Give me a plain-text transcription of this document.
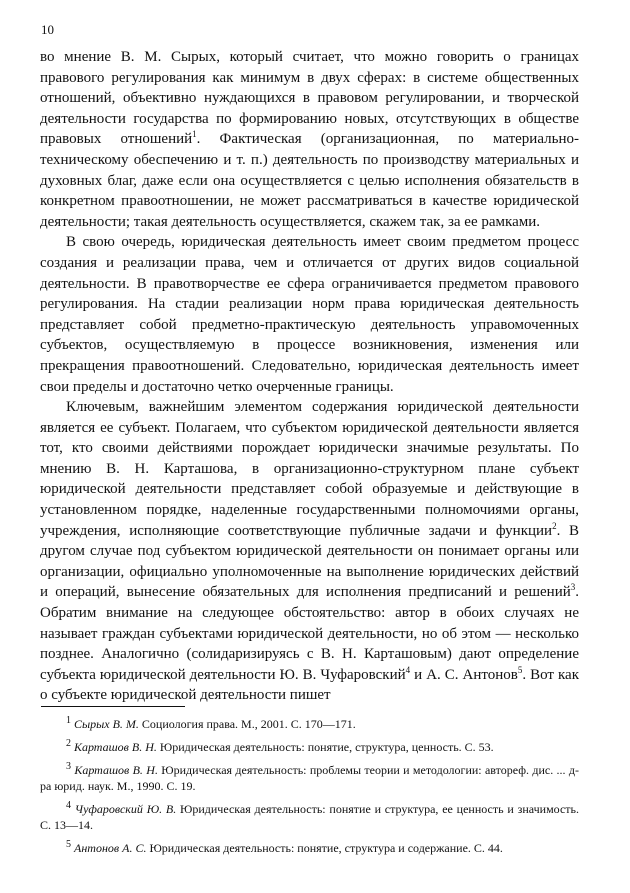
10

во мнение В. М. Сырых, который считает, что можно говорить о границах правового регулирования как минимум в двух сферах: в системе общественных отношений, объективно нуждающихся в правовом регулировании, и творческой деятельности государства по формированию новых, отсутствующих в обществе правовых отношений$^1$. Фактическая (организационная, по материально-техническому обеспечению и т. п.) деятельность по производству материальных и духовных благ, даже если она осуществляется с целью исполнения обязательств в конкретном правоотношении, не может рассматриваться в качестве юридической деятельности; такая деятельность осуществляется, скажем так, за ее рамками.

В свою очередь, юридическая деятельность имеет своим предметом процесс создания и реализации права, чем и отличается от других видов социальной деятельности. В правотворчестве ее сфера ограничивается предметом правового регулирования. На стадии реализации норм права юридическая деятельность представляет собой предметно-практическую деятельность управомоченных субъектов, осуществляемую в процессе возникновения, изменения или прекращения правоотношений. Следовательно, юридическая деятельность имеет свои пределы и достаточно четко очерченные границы.

Ключевым, важнейшим элементом содержания юридической деятельности является ее субъект. Полагаем, что субъектом юридической деятельности является тот, кто своими действиями порождает юридически значимые результаты. По мнению В. Н. Карташова, в организационно-структурном плане субъект юридической деятельности представляет собой образуемые и действующие в установленном порядке, наделенные государственными полномочиями органы, учреждения, исполняющие соответствующие публичные задачи и функции$^2$. В другом случае под субъектом юридической деятельности он понимает органы или организации, официально уполномоченные на выполнение юридических действий и операций, вынесение обязательных для исполнения предписаний и решений$^3$. Обратим внимание на следующее обстоятельство: автор в обоих случаях не называет граждан субъектами юридической деятельности, но об этом — несколько позднее. Аналогично (солидаризируясь с В. Н. Карташовым) дают определение субъекта юридической деятельности Ю. В. Чуфаровский$^4$ и А. С. Антонов$^5$. Вот как о субъекте юридической деятельности пишет

$^1$ Сырых В. М. Социология права. М., 2001. С. 170—171.

$^2$ Карташов В. Н. Юридическая деятельность: понятие, структура, ценность. С. 53.

$^3$ Карташов В. Н. Юридическая деятельность: проблемы теории и методологии: автореф. дис. ... д-ра юрид. наук. М., 1990. С. 19.

$^4$ Чуфаровский Ю. В. Юридическая деятельность: понятие и структура, ее ценность и значимость. С. 13—14.

$^5$ Антонов А. С. Юридическая деятельность: понятие, структура и содержание. С. 44.
